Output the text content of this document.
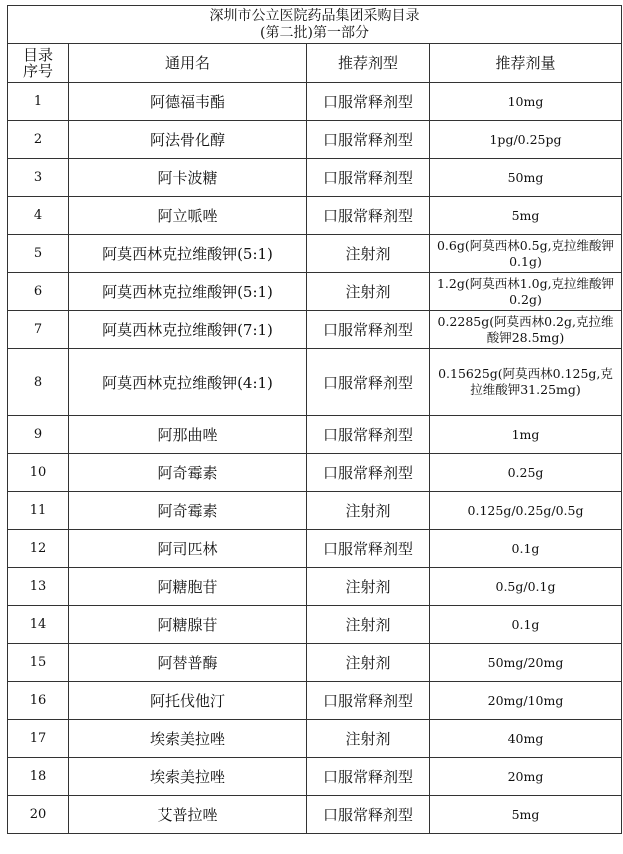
深圳市公立医院药品集团采购目录
(第二批)第一部分			

目录
序号	通用名	推荐剂型	推荐剂量
1	阿德福韦酯	口服常释剂型	10mg
2	阿法骨化醇	口服常释剂型	1pg/0.25pg
3	阿卡波糖	口服常释剂型	50mg
4	阿立哌唑	口服常释剂型	5mg
5	阿莫西林克拉维酸钾(5:1)	注射剂	0.6g(阿莫西林0.5g,克拉维酸钾0.1g)
6	阿莫西林克拉维酸钾(5:1)	注射剂	1.2g(阿莫西林1.0g,克拉维酸钾0.2g)
7	阿莫西林克拉维酸钾(7:1)	口服常释剂型	0.2285g(阿莫西林0.2g,克拉维酸钾28.5mg)
8	阿莫西林克拉维酸钾(4:1)	口服常释剂型	0.15625g(阿莫西林0.125g,克拉维酸钾31.25mg)
9	阿那曲唑	口服常释剂型	1mg
10	阿奇霉素	口服常释剂型	0.25g
11	阿奇霉素	注射剂	0.125g/0.25g/0.5g
12	阿司匹林	口服常释剂型	0.1g
13	阿糖胞苷	注射剂	0.5g/0.1g
14	阿糖腺苷	注射剂	0.1g
15	阿替普酶	注射剂	50mg/20mg
16	阿托伐他汀	口服常释剂型	20mg/10mg
17	埃索美拉唑	注射剂	40mg
18	埃索美拉唑	口服常释剂型	20mg
20	艾普拉唑	口服常释剂型	5mg
